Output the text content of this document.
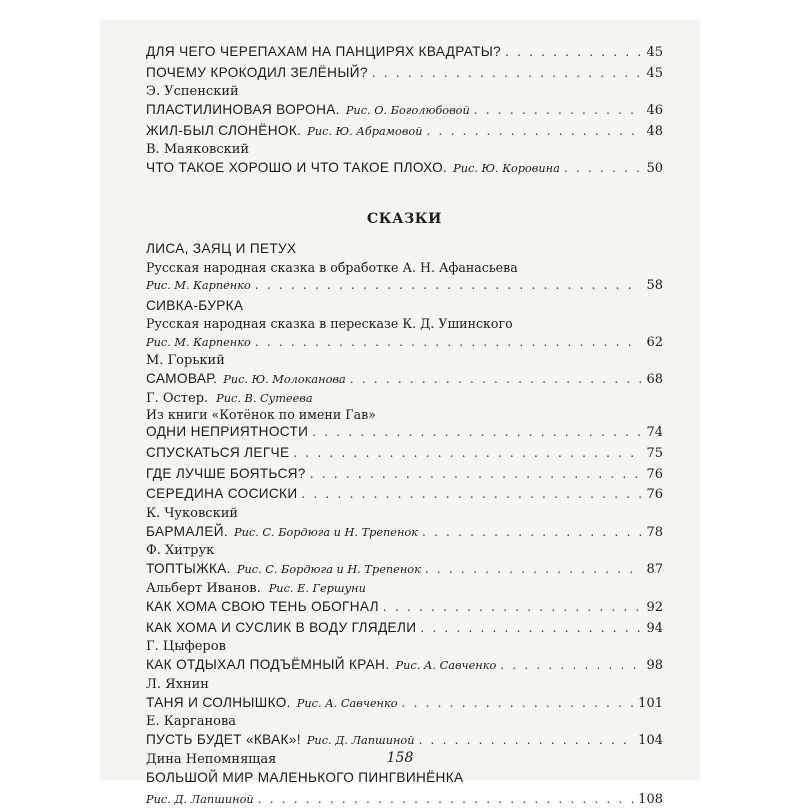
ДЛЯ ЧЕГО ЧЕРЕПАХАМ НА ПАНЦИРЯХ КВАДРАТЫ? . . .	45
ПОЧЕМУ КРОКОДИЛ ЗЕЛЁНЫЙ? . . .	45
Э. Успенский
ПЛАСТИЛИНОВАЯ ВОРОНА. Рис. О. Боголюбовой . . .	46
ЖИЛ-БЫЛ СЛОНЁНОК. Рис. Ю. Абрамовой . . .	48
В. Маяковский
ЧТО ТАКОЕ ХОРОШО И ЧТО ТАКОЕ ПЛОХО. Рис. Ю. Коровина . . .	50
СКАЗКИ
ЛИСА, ЗАЯЦ И ПЕТУХ
Русская народная сказка в обработке А. Н. Афанасьева
Рис. М. Карпенко . . .	58
СИВКА-БУРКА
Русская народная сказка в пересказе К. Д. Ушинского
Рис. М. Карпенко . . .	62
М. Горький
САМОВАР. Рис. Ю. Молоканова . . .	68
Г. Остер. Рис. В. Сутеева
Из книги «Котёнок по имени Гав»
ОДНИ НЕПРИЯТНОСТИ . . .	74
СПУСКАТЬСЯ ЛЕГЧЕ . . .	75
ГДЕ ЛУЧШЕ БОЯТЬСЯ? . . .	76
СЕРЕДИНА СОСИСКИ . . .	76
К. Чуковский
БАРМАЛЕЙ. Рис. С. Бордюга и Н. Трепенок . . .	78
Ф. Хитрук
ТОПТЫЖКА. Рис. С. Бордюга и Н. Трепенок . . .	87
Альберт Иванов. Рис. Е. Гершуни
КАК ХОМА СВОЮ ТЕНЬ ОБОГНАЛ . . .	92
КАК ХОМА И СУСЛИК В ВОДУ ГЛЯДЕЛИ . . .	94
Г. Цыферов
КАК ОТДЫХАЛ ПОДЪЁМНЫЙ КРАН. Рис. А. Савченко . . .	98
Л. Яхнин
ТАНЯ И СОЛНЫШКО. Рис. А. Савченко . . .	101
Е. Карганова
ПУСТЬ БУДЕТ «КВАК»! Рис. Д. Лапшиной . . .	104
Дина Непомнящая
БОЛЬШОЙ МИР МАЛЕНЬКОГО ПИНГВИНЁНКА
Рис. Д. Лапшиной . . .	108
158
